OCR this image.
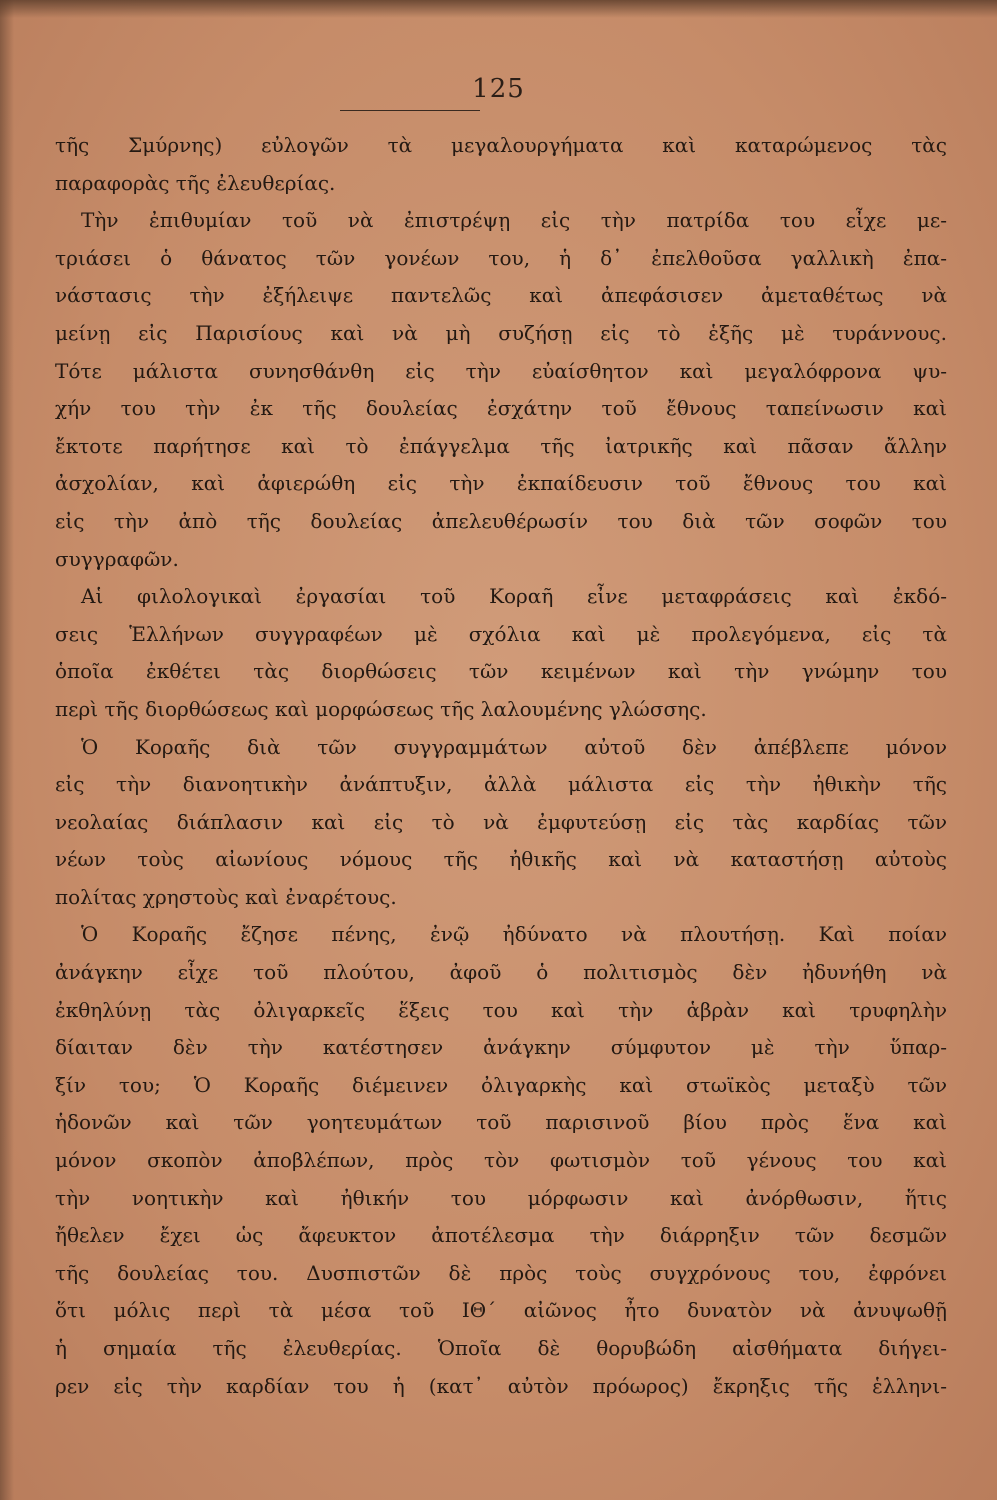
125
τῆς Σμύρνης) εὐλογῶν τὰ μεγαλουργήματα καὶ καταρώμενος τὰς
παραφορὰς τῆς ἐλευθερίας.
Τὴν ἐπιθυμίαν τοῦ νὰ ἐπιστρέψῃ εἰς τὴν πατρίδα του εἶχε με-
τριάσει ὁ θάνατος τῶν γονέων του, ἡ δ᾽ ἐπελθοῦσα γαλλικὴ ἐπα-
νάστασις τὴν ἐξήλειψε παντελῶς καὶ ἀπεφάσισεν ἀμεταθέτως νὰ
μείνῃ εἰς Παρισίους καὶ νὰ μὴ συζήσῃ εἰς τὸ ἑξῆς μὲ τυράννους.
Τότε μάλιστα συνησθάνθη εἰς τὴν εὐαίσθητον καὶ μεγαλόφρονα ψυ-
χήν του τὴν ἐκ τῆς δουλείας ἐσχάτην τοῦ ἔθνους ταπείνωσιν καὶ
ἔκτοτε παρήτησε καὶ τὸ ἐπάγγελμα τῆς ἰατρικῆς καὶ πᾶσαν ἄλλην
ἀσχολίαν, καὶ ἀφιερώθη εἰς τὴν ἐκπαίδευσιν τοῦ ἔθνους του καὶ
εἰς τὴν ἀπὸ τῆς δουλείας ἀπελευθέρωσίν του διὰ τῶν σοφῶν του
συγγραφῶν.
Αἱ φιλολογικαὶ ἐργασίαι τοῦ Κοραῆ εἶνε μεταφράσεις καὶ ἐκδό-
σεις Ἑλλήνων συγγραφέων μὲ σχόλια καὶ μὲ προλεγόμενα, εἰς τὰ
ὁποῖα ἐκθέτει τὰς διορθώσεις τῶν κειμένων καὶ τὴν γνώμην του
περὶ τῆς διορθώσεως καὶ μορφώσεως τῆς λαλουμένης γλώσσης.
Ὁ Κοραῆς διὰ τῶν συγγραμμάτων αὐτοῦ δὲν ἀπέβλεπε μόνον
εἰς τὴν διανοητικὴν ἀνάπτυξιν, ἀλλὰ μάλιστα εἰς τὴν ἠθικὴν τῆς
νεολαίας διάπλασιν καὶ εἰς τὸ νὰ ἐμφυτεύσῃ εἰς τὰς καρδίας τῶν
νέων τοὺς αἰωνίους νόμους τῆς ἠθικῆς καὶ νὰ καταστήσῃ αὐτοὺς
πολίτας χρηστοὺς καὶ ἐναρέτους.
Ὁ Κοραῆς ἔζησε πένης, ἐνῷ ἠδύνατο νὰ πλουτήσῃ. Καὶ ποίαν
ἀνάγκην εἶχε τοῦ πλούτου, ἀφοῦ ὁ πολιτισμὸς δὲν ἠδυνήθη νὰ
ἐκθηλύνῃ τὰς ὀλιγαρκεῖς ἕξεις του καὶ τὴν ἁβρὰν καὶ τρυφηλὴν
δίαιταν δὲν τὴν κατέστησεν ἀνάγκην σύμφυτον μὲ τὴν ὕπαρ-
ξίν του; Ὁ Κοραῆς διέμεινεν ὀλιγαρκὴς καὶ στωϊκὸς μεταξὺ τῶν
ἡδονῶν καὶ τῶν γοητευμάτων τοῦ παρισινοῦ βίου πρὸς ἕνα καὶ
μόνον σκοπὸν ἀποβλέπων, πρὸς τὸν φωτισμὸν τοῦ γένους του καὶ
τὴν νοητικὴν καὶ ἠθικήν του μόρφωσιν καὶ ἀνόρθωσιν, ἥτις
ἤθελεν ἔχει ὡς ἄφευκτον ἀποτέλεσμα τὴν διάρρηξιν τῶν δεσμῶν
τῆς δουλείας του. Δυσπιστῶν δὲ πρὸς τοὺς συγχρόνους του, ἐφρόνει
ὅτι μόλις περὶ τὰ μέσα τοῦ ΙΘ´ αἰῶνος ἦτο δυνατὸν νὰ ἀνυψωθῇ
ἡ σημαία τῆς ἐλευθερίας. Ὁποῖα δὲ θορυβώδη αἰσθήματα διήγει-
ρεν εἰς τὴν καρδίαν του ἡ (κατ᾽ αὐτὸν πρόωρος) ἔκρηξις τῆς ἑλληνι-
